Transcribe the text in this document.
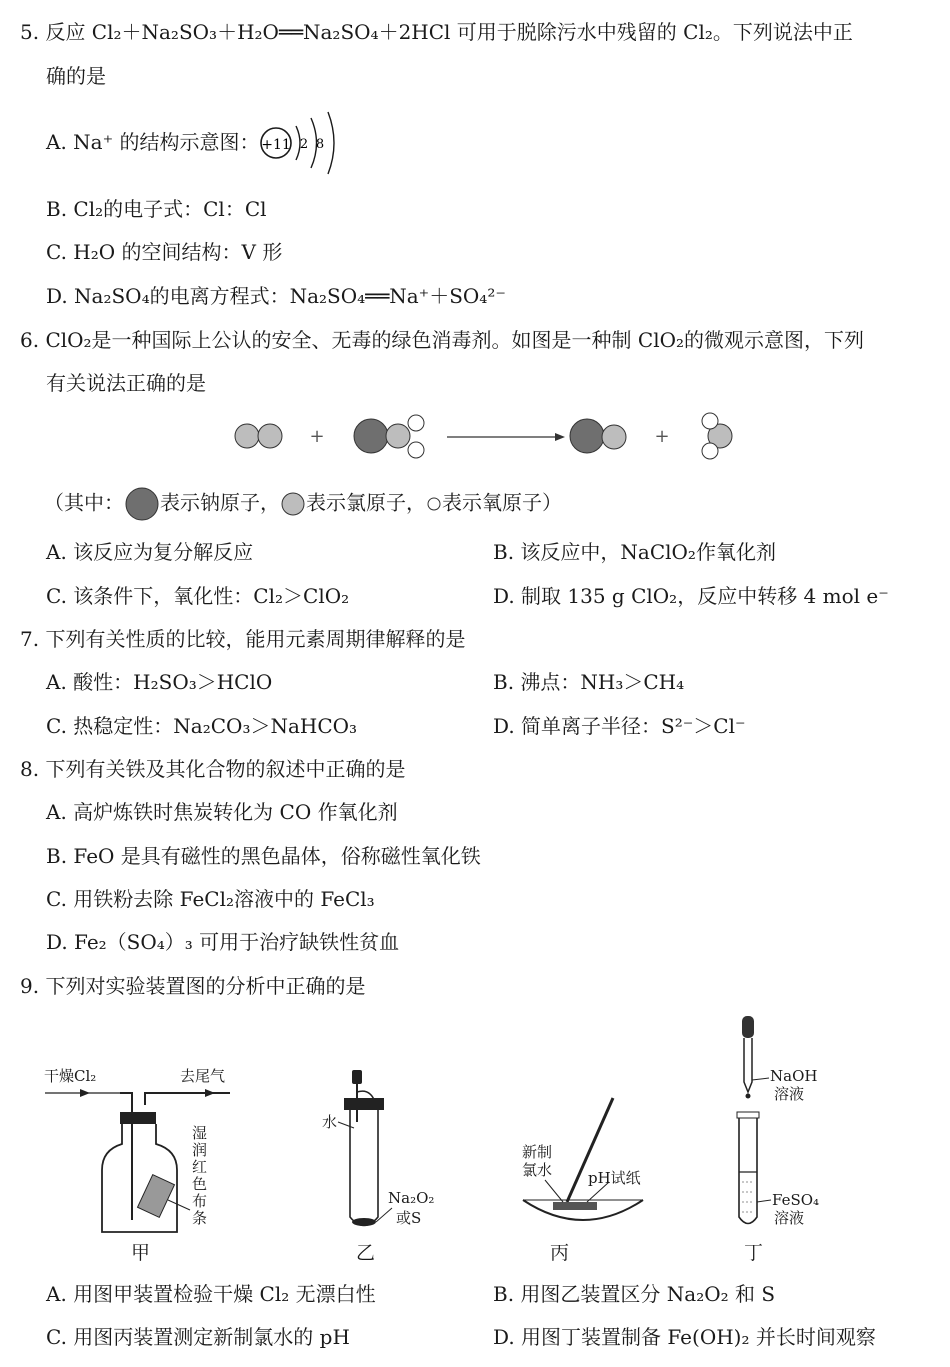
5. 反应 Cl₂＋Na₂SO₃＋H₂O══Na₂SO₄＋2HCl 可用于脱除污水中残留的 Cl₂。下列说法中正
确的是
A. Na⁺ 的结构示意图： +11 2 8
B. Cl₂的电子式：Cl：Cl
C. H₂O 的空间结构：V 形
D. Na₂SO₄的电离方程式：Na₂SO₄══Na⁺＋SO₄²⁻
6. ClO₂是一种国际上公认的安全、无毒的绿色消毒剂。如图是一种制 ClO₂的微观示意图，下列
有关说法正确的是
+	+
（其中： 表示钠原子， 表示氯原子， 表示氧原子）
A. 该反应为复分解反应	B. 该反应中，NaClO₂作氧化剂
C. 该条件下，氧化性：Cl₂＞ClO₂	D. 制取 135 g ClO₂，反应中转移 4 mol e⁻
7. 下列有关性质的比较，能用元素周期律解释的是
A. 酸性：H₂SO₃＞HClO	B. 沸点：NH₃＞CH₄
C. 热稳定性：Na₂CO₃＞NaHCO₃	D. 简单离子半径：S²⁻＞Cl⁻
8. 下列有关铁及其化合物的叙述中正确的是
A. 高炉炼铁时焦炭转化为 CO 作氧化剂
B. FeO 是具有磁性的黑色晶体，俗称磁性氧化铁
C. 用铁粉去除 FeCl₂溶液中的 FeCl₃
D. Fe₂（SO₄）₃ 可用于治疗缺铁性贫血
9. 下列对实验装置图的分析中正确的是
干燥Cl₂	去尾气
湿
润
红
色
布
条
甲
水
Na₂O₂
或S
乙
新制
氯水 pH试纸
丙
NaOH
溶液
FeSO₄
溶液
丁
A. 用图甲装置检验干燥 Cl₂ 无漂白性	B. 用图乙装置区分 Na₂O₂ 和 S
C. 用图丙装置测定新制氯水的 pH	D. 用图丁装置制备 Fe(OH)₂ 并长时间观察
